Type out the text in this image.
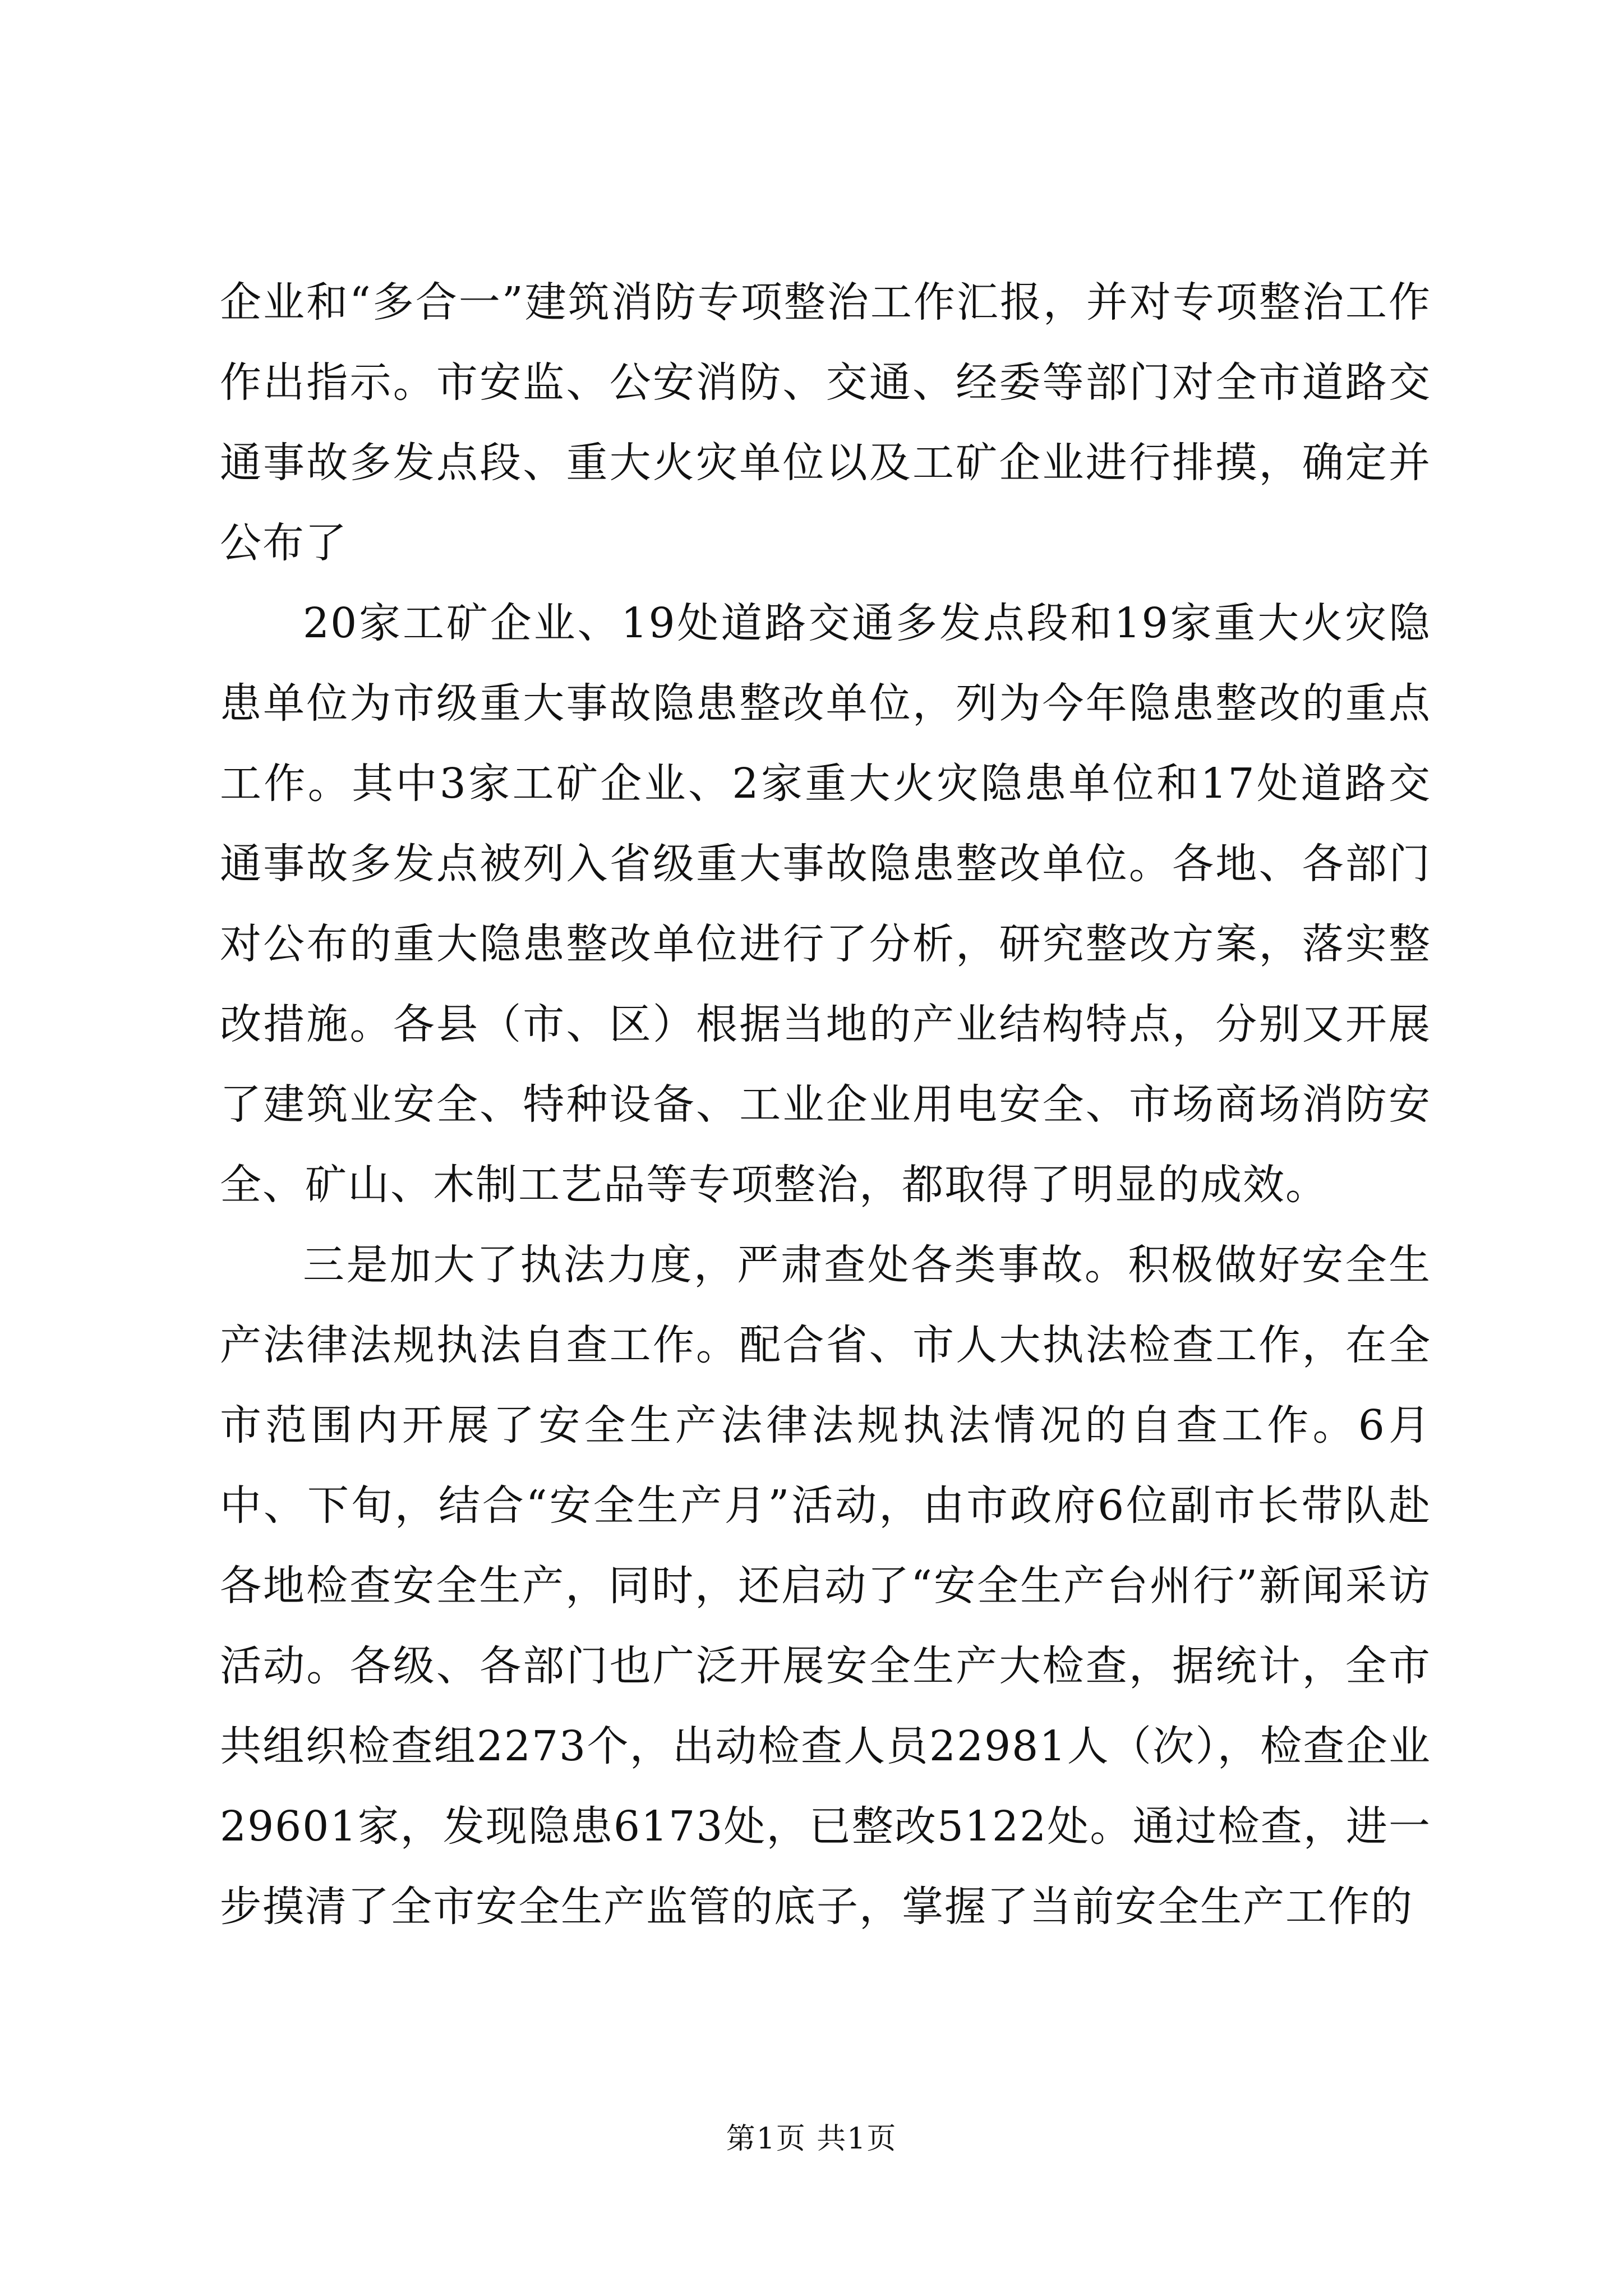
企业和“多合一”建筑消防专项整治工作汇报，并对专项整治工作作出指示。市安监、公安消防、交通、经委等部门对全市道路交通事故多发点段、重大火灾单位以及工矿企业进行排摸，确定并公布了

20家工矿企业、19处道路交通多发点段和19家重大火灾隐患单位为市级重大事故隐患整改单位，列为今年隐患整改的重点工作。其中3家工矿企业、2家重大火灾隐患单位和17处道路交通事故多发点被列入省级重大事故隐患整改单位。各地、各部门对公布的重大隐患整改单位进行了分析，研究整改方案，落实整改措施。各县（市、区）根据当地的产业结构特点，分别又开展了建筑业安全、特种设备、工业企业用电安全、市场商场消防安全、矿山、木制工艺品等专项整治，都取得了明显的成效。

三是加大了执法力度，严肃查处各类事故。积极做好安全生产法律法规执法自查工作。配合省、市人大执法检查工作，在全市范围内开展了安全生产法律法规执法情况的自查工作。6月中、下旬，结合“安全生产月”活动，由市政府6位副市长带队赴各地检查安全生产，同时，还启动了“安全生产台州行”新闻采访活动。各级、各部门也广泛开展安全生产大检查，据统计，全市共组织检查组2273个，出动检查人员22981人（次），检查企业29601家，发现隐患6173处，已整改5122处。通过检查，进一步摸清了全市安全生产监管的底子，掌握了当前安全生产工作的

第1页 共1页
